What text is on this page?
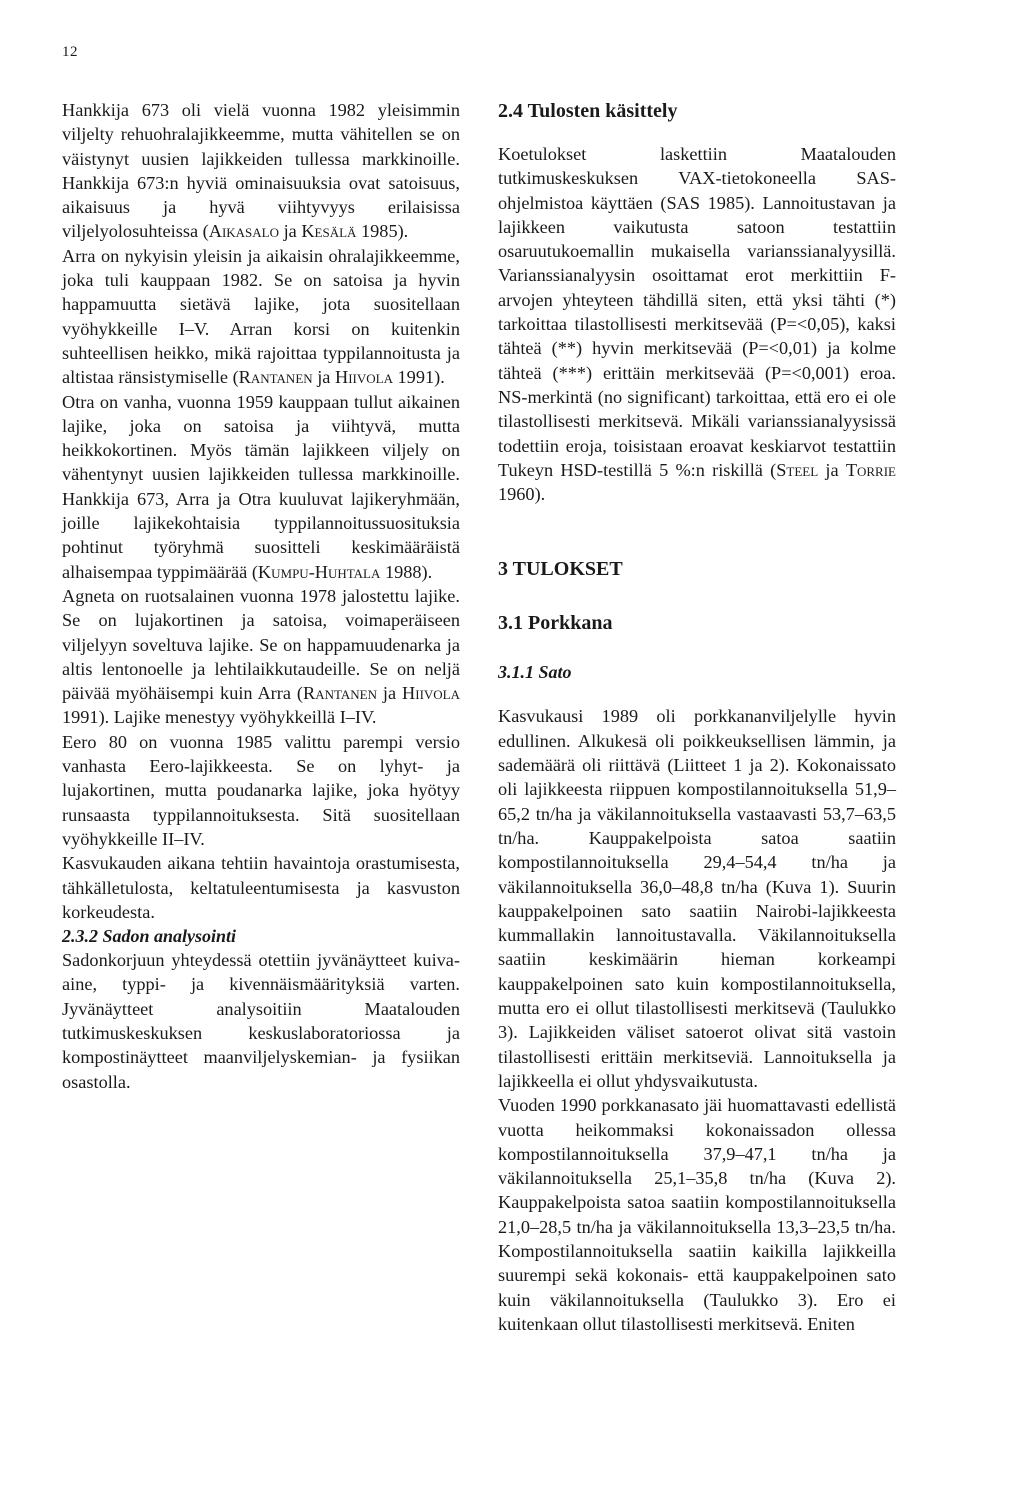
12

Hankkija 673 oli vielä vuonna 1982 yleisimmin viljelty rehuohralajikkeemme, mutta vähitellen se on väistynyt uusien lajikkeiden tullessa markkinoille. Hankkija 673:n hyviä ominaisuuksia ovat satoisuus, aikaisuus ja hyvä viihtyvyys erilaisissa viljelyolosuhteissa (Aikasalo ja Kesälä 1985).

Arra on nykyisin yleisin ja aikaisin ohralajikkeemme, joka tuli kauppaan 1982. Se on satoisa ja hyvin happamuutta sietävä lajike, jota suositellaan vyöhykkeille I–V. Arran korsi on kuitenkin suhteellisen heikko, mikä rajoittaa typpilannoitusta ja altistaa ränsistymiselle (Rantanen ja Hiivola 1991).

Otra on vanha, vuonna 1959 kauppaan tullut aikainen lajike, joka on satoisa ja viihtyvä, mutta heikkokortinen. Myös tämän lajikkeen viljely on vähentynyt uusien lajikkeiden tullessa markkinoille. Hankkija 673, Arra ja Otra kuuluvat lajikeryhmään, joille lajikekohtaisia typpilannoitussuosituksia pohtinut työryhmä suositteli keskimääräistä alhaisempaa typpimäärää (Kumpu-Huhtala 1988).

Agneta on ruotsalainen vuonna 1978 jalostettu lajike. Se on lujakortinen ja satoisa, voimaperäiseen viljelyyn soveltuva lajike. Se on happamuudenarka ja altis lentonoelle ja lehtilaikkutaudeille. Se on neljä päivää myöhäisempi kuin Arra (Rantanen ja Hiivola 1991). Lajike menestyy vyöhykkeillä I–IV.

Eero 80 on vuonna 1985 valittu parempi versio vanhasta Eero-lajikkeesta. Se on lyhyt- ja lujakortinen, mutta poudanarka lajike, joka hyötyy runsaasta typpilannoituksesta. Sitä suositellaan vyöhykkeille II–IV.

Kasvukauden aikana tehtiin havaintoja orastumisesta, tähkälletulosta, keltatuleentumisesta ja kasvuston korkeudesta.

2.3.2 Sadon analysointi

Sadonkorjuun yhteydessä otettiin jyvänäytteet kuiva-aine, typpi- ja kivennäismäärityksiä varten. Jyvänäytteet analysoitiin Maatalouden tutkimuskeskuksen keskuslaboratoriossa ja kompostinäytteet maanviljelyskemian- ja fysiikan osastolla.

2.4 Tulosten käsittely

Koetulokset laskettiin Maatalouden tutkimuskeskuksen VAX-tietokoneella SAS-ohjelmistoa käyttäen (SAS 1985). Lannoitustavan ja lajikkeen vaikutusta satoon testattiin osaruutukoemallin mukaisella varianssianalyysillä. Varianssianalyysin osoittamat erot merkittiin F-arvojen yhteyteen tähdillä siten, että yksi tähti (*) tarkoittaa tilastollisesti merkitsevää (P=<0,05), kaksi tähteä (**) hyvin merkitsevää (P=<0,01) ja kolme tähteä (***) erittäin merkitsevää (P=<0,001) eroa. NS-merkintä (no significant) tarkoittaa, että ero ei ole tilastollisesti merkitsevä. Mikäli varianssianalyysissä todettiin eroja, toisistaan eroavat keskiarvot testattiin Tukeyn HSD-testillä 5 %:n riskillä (Steel ja Torrie 1960).

3 TULOKSET
3.1 Porkkana
3.1.1 Sato

Kasvukausi 1989 oli porkkananviljelylle hyvin edullinen. Alkukesä oli poikkeuksellisen lämmin, ja sademäärä oli riittävä (Liitteet 1 ja 2). Kokonaissato oli lajikkeesta riippuen kompostilannoituksella 51,9–65,2 tn/ha ja väkilannoituksella vastaavasti 53,7–63,5 tn/ha. Kauppakelpoista satoa saatiin kompostilannoituksella 29,4–54,4 tn/ha ja väkilannoituksella 36,0–48,8 tn/ha (Kuva 1). Suurin kauppakelpoinen sato saatiin Nairobi-lajikkeesta kummallakin lannoitustavalla. Väkilannoituksella saatiin keskimäärin hieman korkeampi kauppakelpoinen sato kuin kompostilannoituksella, mutta ero ei ollut tilastollisesti merkitsevä (Taulukko 3). Lajikkeiden väliset satoerot olivat sitä vastoin tilastollisesti erittäin merkitseviä. Lannoituksella ja lajikkeella ei ollut yhdysvaikutusta.

Vuoden 1990 porkkanasato jäi huomattavasti edellistä vuotta heikommaksi kokonaissadon ollessa kompostilannoituksella 37,9–47,1 tn/ha ja väkilannoituksella 25,1–35,8 tn/ha (Kuva 2). Kauppakelpoista satoa saatiin kompostilannoituksella 21,0–28,5 tn/ha ja väkilannoituksella 13,3–23,5 tn/ha. Kompostilannoituksella saatiin kaikilla lajikkeilla suurempi sekä kokonais- että kauppakelpoinen sato kuin väkilannoituksella (Taulukko 3). Ero ei kuitenkaan ollut tilastollisesti merkitsevä. Eniten
